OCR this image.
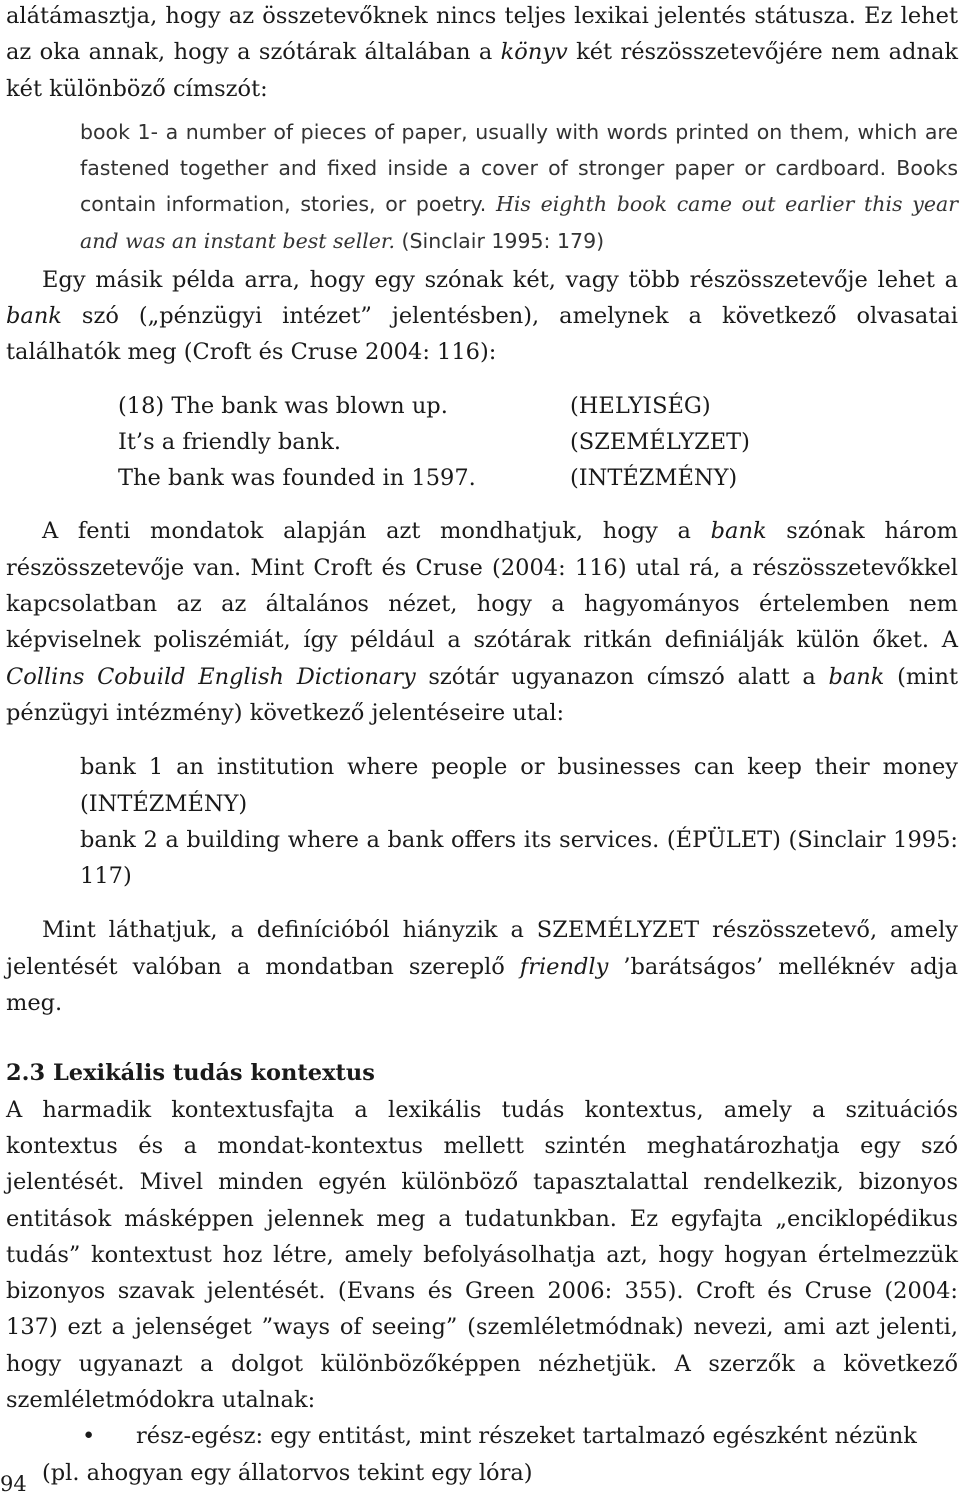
alátámasztja, hogy az összetevőknek nincs teljes lexikai jelentés státusza. Ez lehet az oka annak, hogy a szótárak általában a könyv két részösszetevőjére nem adnak két különböző címszót:

book 1- a number of pieces of paper, usually with words printed on them, which are fastened together and fixed inside a cover of stronger paper or cardboard. Books contain information, stories, or poetry. His eighth book came out earlier this year and was an instant best seller. (Sinclair 1995: 179)

Egy másik példa arra, hogy egy szónak két, vagy több részösszetevője lehet a bank szó („pénzügyi intézet” jelentésben), amelynek a következő olvasatai találhatók meg (Croft és Cruse 2004: 116):

(18) The bank was blown up.	(HELYISÉG)
It’s a friendly bank.	(SZEMÉLYZET)
The bank was founded in 1597.	(INTÉZMÉNY)

A fenti mondatok alapján azt mondhatjuk, hogy a bank szónak három részösszetevője van. Mint Croft és Cruse (2004: 116) utal rá, a részösszetevőkkel kapcsolatban az az általános nézet, hogy a hagyományos értelemben nem képviselnek poliszémiát, így például a szótárak ritkán definiálják külön őket. A Collins Cobuild English Dictionary szótár ugyanazon címszó alatt a bank (mint pénzügyi intézmény) következő jelentéseire utal:

bank 1 an institution where people or businesses can keep their money (INTÉZMÉNY)

bank 2 a building where a bank offers its services. (ÉPÜLET) (Sinclair 1995: 117)

Mint láthatjuk, a definícióból hiányzik a SZEMÉLYZET részösszetevő, amely jelentését valóban a mondatban szereplő friendly ’barátságos’ melléknév adja meg.

2.3 Lexikális tudás kontextus

A harmadik kontextusfajta a lexikális tudás kontextus, amely a szituációs kontextus és a mondat-kontextus mellett szintén meghatározhatja egy szó jelentését. Mivel minden egyén különböző tapasztalattal rendelkezik, bizonyos entitások másképpen jelennek meg a tudatunkban. Ez egyfajta „enciklopédikus tudás” kontextust hoz létre, amely befolyásolhatja azt, hogy hogyan értelmezzük bizonyos szavak jelentését. (Evans és Green 2006: 355). Croft és Cruse (2004: 137) ezt a jelenséget ”ways of seeing” (szemléletmódnak) nevezi, ami azt jelenti, hogy ugyanazt a dolgot különbözőképpen nézhetjük. A szerzők a következő szemléletmódokra utalnak:

• rész-egész: egy entitást, mint részeket tartalmazó egészként nézünk

(pl. ahogyan egy állatorvos tekint egy lóra)

94
